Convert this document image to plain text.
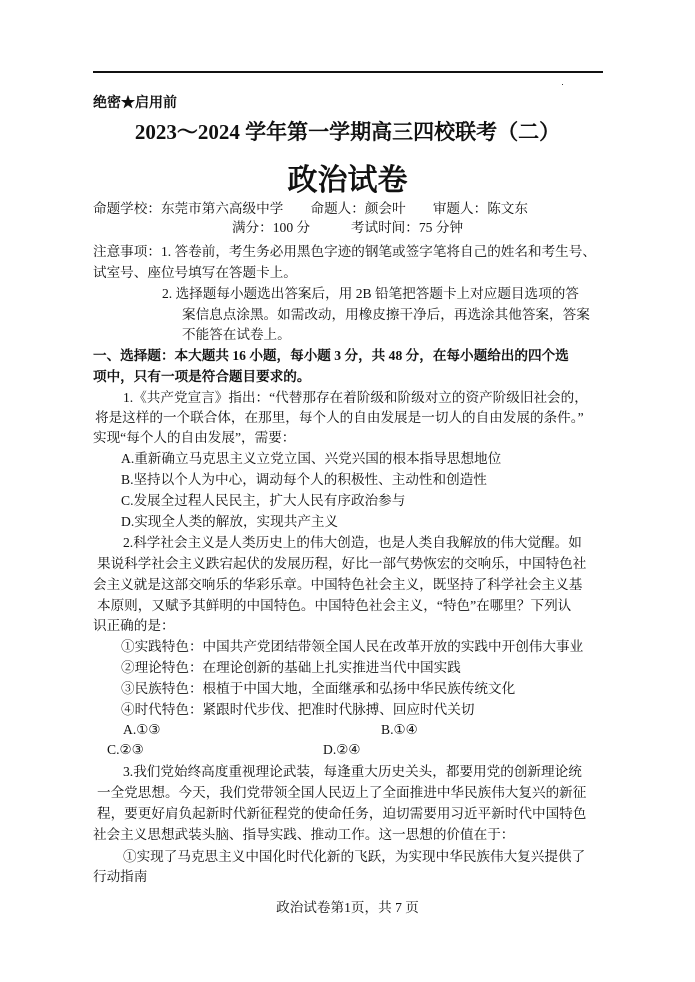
绝密★启用前
2023～2024 学年第一学期高三四校联考（二）
政治试卷
命题学校：东莞市第六高级中学　　命题人：颜会叶　　审题人：陈文东
满分：100 分　　　考试时间：75 分钟
注意事项：1. 答卷前，考生务必用黑色字迹的钢笔或签字笔将自己的姓名和考生号、
试室号、座位号填写在答题卡上。
2. 选择题每小题选出答案后，用 2B 铅笔把答题卡上对应题目选项的答
案信息点涂黑。如需改动，用橡皮擦干净后，再选涂其他答案，答案
不能答在试卷上。
一、选择题：本大题共 16 小题，每小题 3 分，共 48 分，在每小题给出的四个选
项中，只有一项是符合题目要求的。
1.《共产党宣言》指出：“代替那存在着阶级和阶级对立的资产阶级旧社会的，
将是这样的一个联合体，在那里，每个人的自由发展是一切人的自由发展的条件。”
实现“每个人的自由发展”，需要：
A.重新确立马克思主义立党立国、兴党兴国的根本指导思想地位
B.坚持以个人为中心，调动每个人的积极性、主动性和创造性
C.发展全过程人民民主，扩大人民有序政治参与
D.实现全人类的解放，实现共产主义
2.科学社会主义是人类历史上的伟大创造，也是人类自我解放的伟大觉醒。如
果说科学社会主义跌宕起伏的发展历程，好比一部气势恢宏的交响乐，中国特色社
会主义就是这部交响乐的华彩乐章。中国特色社会主义，既坚持了科学社会主义基
本原则，又赋予其鲜明的中国特色。中国特色社会主义，“特色”在哪里？下列认
识正确的是：
①实践特色：中国共产党团结带领全国人民在改革开放的实践中开创伟大事业
②理论特色：在理论创新的基础上扎实推进当代中国实践
③民族特色：根植于中国大地，全面继承和弘扬中华民族传统文化
④时代特色：紧跟时代步伐、把准时代脉搏、回应时代关切
A.①③	B.①④
C.②③	D.②④
3.我们党始终高度重视理论武装，每逢重大历史关头，都要用党的创新理论统
一全党思想。今天，我们党带领全国人民迈上了全面推进中华民族伟大复兴的新征
程，要更好肩负起新时代新征程党的使命任务，迫切需要用习近平新时代中国特色
社会主义思想武装头脑、指导实践、推动工作。这一思想的价值在于：
①实现了马克思主义中国化时代化新的飞跃，为实现中华民族伟大复兴提供了
行动指南
政治试卷第1页，共 7 页
